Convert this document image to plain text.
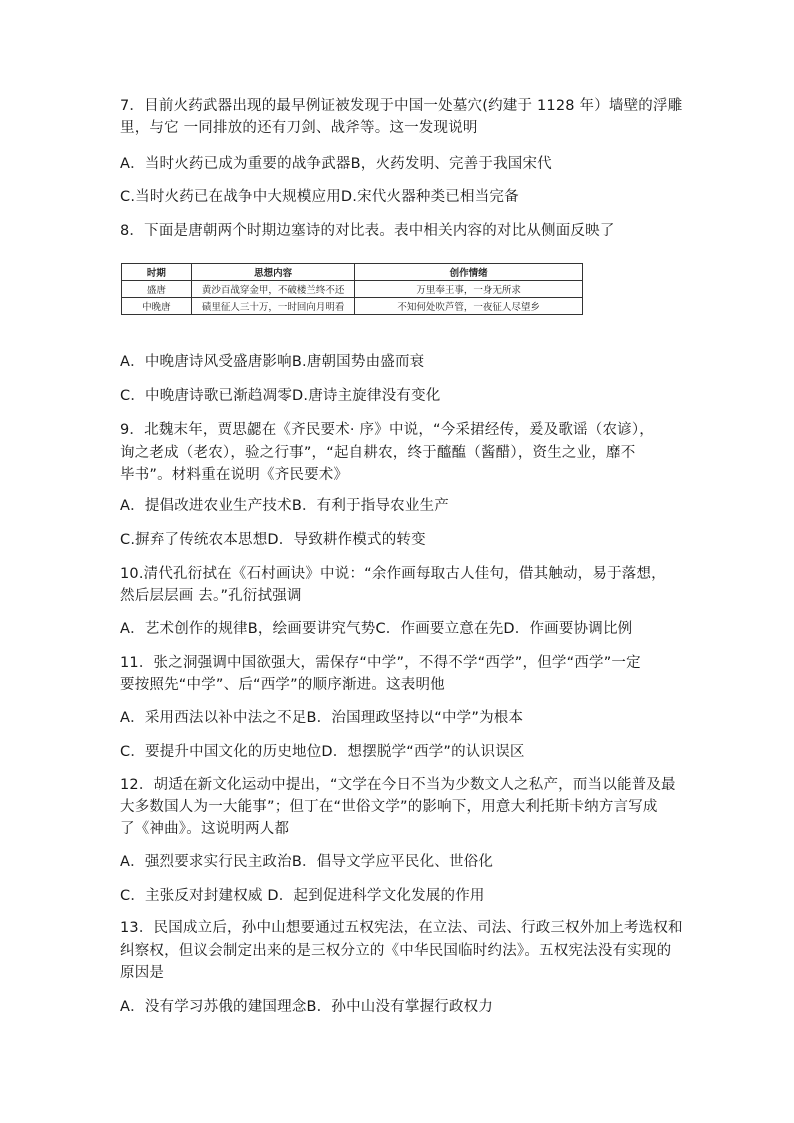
7．目前火药武器出现的最早例证被发现于中国一处墓穴(约建于 1128 年）墙壁的浮雕

里，与它 一同排放的还有刀剑、战斧等。这一发现说明

A．当时火药已成为重要的战争武器B，火药发明、完善于我国宋代

C.当时火药已在战争中大规模应用D.宋代火器种类已相当完备

8．下面是唐朝两个时期边塞诗的对比表。表中相关内容的对比从侧面反映了

时期	思想内容	创作情绪
盛唐	黄沙百战穿金甲，不破楼兰终不还	万里奉王事，一身无所求
中晚唐	碛里征人三十万，一时回向月明看	不知何处吹芦管，一夜征人尽望乡

A．中晚唐诗风受盛唐影响B.唐朝国势由盛而衰

C．中晚唐诗歌已渐趋凋零D.唐诗主旋律没有变化

9．北魏末年，贾思勰在《齐民要术· 序》中说，“今采捃经传，爰及歌谣（农谚），

询之老成（老农），验之行事”，“起自耕农，终于醯醢（酱醋），资生之业，靡不

毕书”。材料重在说明《齐民要术》

A．提倡改进农业生产技术B．有利于指导农业生产

C.摒弃了传统农本思想D．导致耕作模式的转变

10.清代孔衍拭在《石村画诀》中说：“余作画每取古人佳句，借其触动，易于落想，

然后层层画 去。”孔衍拭强调

A．艺术创作的规律B，绘画要讲究气势C．作画要立意在先D．作画要协调比例

11．张之洞强调中国欲强大，需保存“中学”，不得不学“西学”，但学“西学”一定

要按照先“中学”、后“西学”的顺序渐进。这表明他

A．采用西法以补中法之不足B．治国理政坚持以“中学”为根本

C．要提升中国文化的历史地位D．想摆脱学“西学”的认识误区

12．胡适在新文化运动中提出，“文学在今日不当为少数文人之私产，而当以能普及最

大多数国人为一大能事”；但丁在“世俗文学”的影响下，用意大利托斯卡纳方言写成

了《神曲》。这说明两人都

A．强烈要求实行民主政治B．倡导文学应平民化、世俗化

C．主张反对封建权威 D．起到促进科学文化发展的作用

13．民国成立后，孙中山想要通过五权宪法，在立法、司法、行政三权外加上考选权和

纠察权，但议会制定出来的是三权分立的《中华民国临时约法》。五权宪法没有实现的

原因是

A．没有学习苏俄的建国理念B．孙中山没有掌握行政权力
